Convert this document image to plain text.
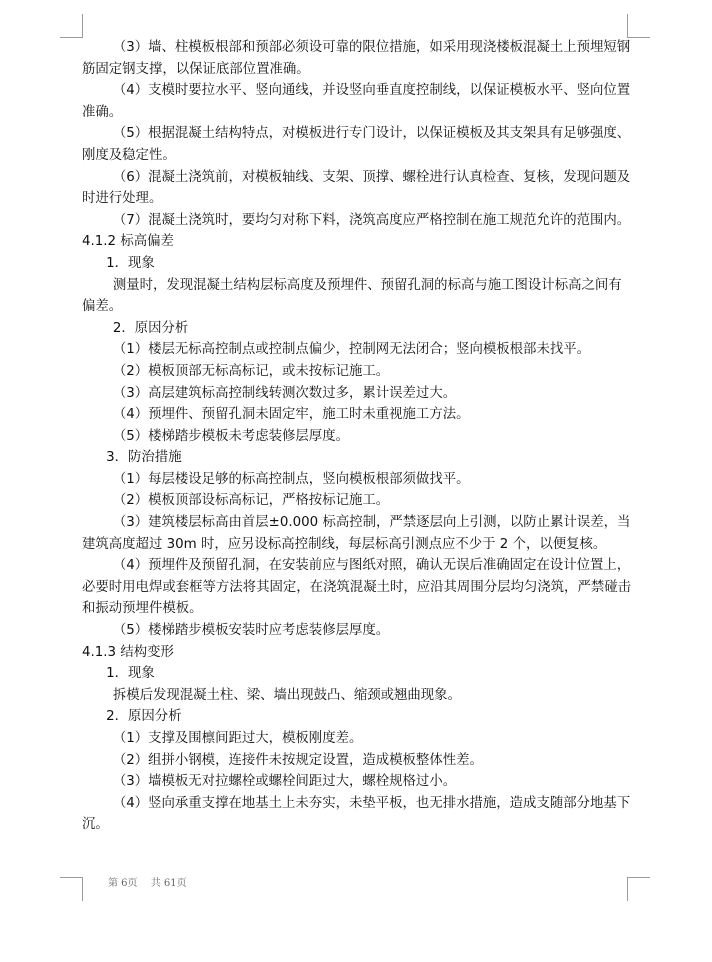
（3）墙、柱模板根部和预部必须设可靠的限位措施，如采用现浇楼板混凝土上预埋短钢筋固定钢支撑，以保证底部位置准确。

（4）支模时要拉水平、竖向通线，并设竖向垂直度控制线，以保证模板水平、竖向位置准确。

（5）根据混凝土结构特点，对模板进行专门设计，以保证模板及其支架具有足够强度、刚度及稳定性。

（6）混凝土浇筑前，对模板轴线、支架、顶撑、螺栓进行认真检查、复核，发现问题及时进行处理。

（7）混凝土浇筑时，要均匀对称下料，浇筑高度应严格控制在施工规范允许的范围内。

4.1.2 标高偏差

1．现象

测量时，发现混凝土结构层标高度及预埋件、预留孔洞的标高与施工图设计标高之间有偏差。

2．原因分析

（1）楼层无标高控制点或控制点偏少，控制网无法闭合；竖向模板根部未找平。

（2）模板顶部无标高标记，或未按标记施工。

（3）高层建筑标高控制线转测次数过多，累计误差过大。

（4）预埋件、预留孔洞未固定牢，施工时未重视施工方法。

（5）楼梯踏步模板未考虑装修层厚度。

3．防治措施

（1）每层楼设足够的标高控制点，竖向模板根部须做找平。

（2）模板顶部设标高标记，严格按标记施工。

（3）建筑楼层标高由首层±0.000 标高控制，严禁逐层向上引测，以防止累计误差，当建筑高度超过 30m 时，应另设标高控制线，每层标高引测点应不少于 2 个，以便复核。

（4）预埋件及预留孔洞，在安装前应与图纸对照，确认无误后准确固定在设计位置上，必要时用电焊或套框等方法将其固定，在浇筑混凝土时，应沿其周围分层均匀浇筑，严禁碰击和振动预埋件模板。

（5）楼梯踏步模板安装时应考虑装修层厚度。

4.1.3 结构变形

1．现象

拆模后发现混凝土柱、梁、墙出现鼓凸、缩颈或翘曲现象。

2．原因分析

（1）支撑及围檩间距过大，模板刚度差。

（2）组拼小钢模，连接件未按规定设置，造成模板整体性差。

（3）墙模板无对拉螺栓或螺栓间距过大，螺栓规格过小。

（4）竖向承重支撑在地基土上未夯实，未垫平板，也无排水措施，造成支随部分地基下沉。

第 6页 共 61页
